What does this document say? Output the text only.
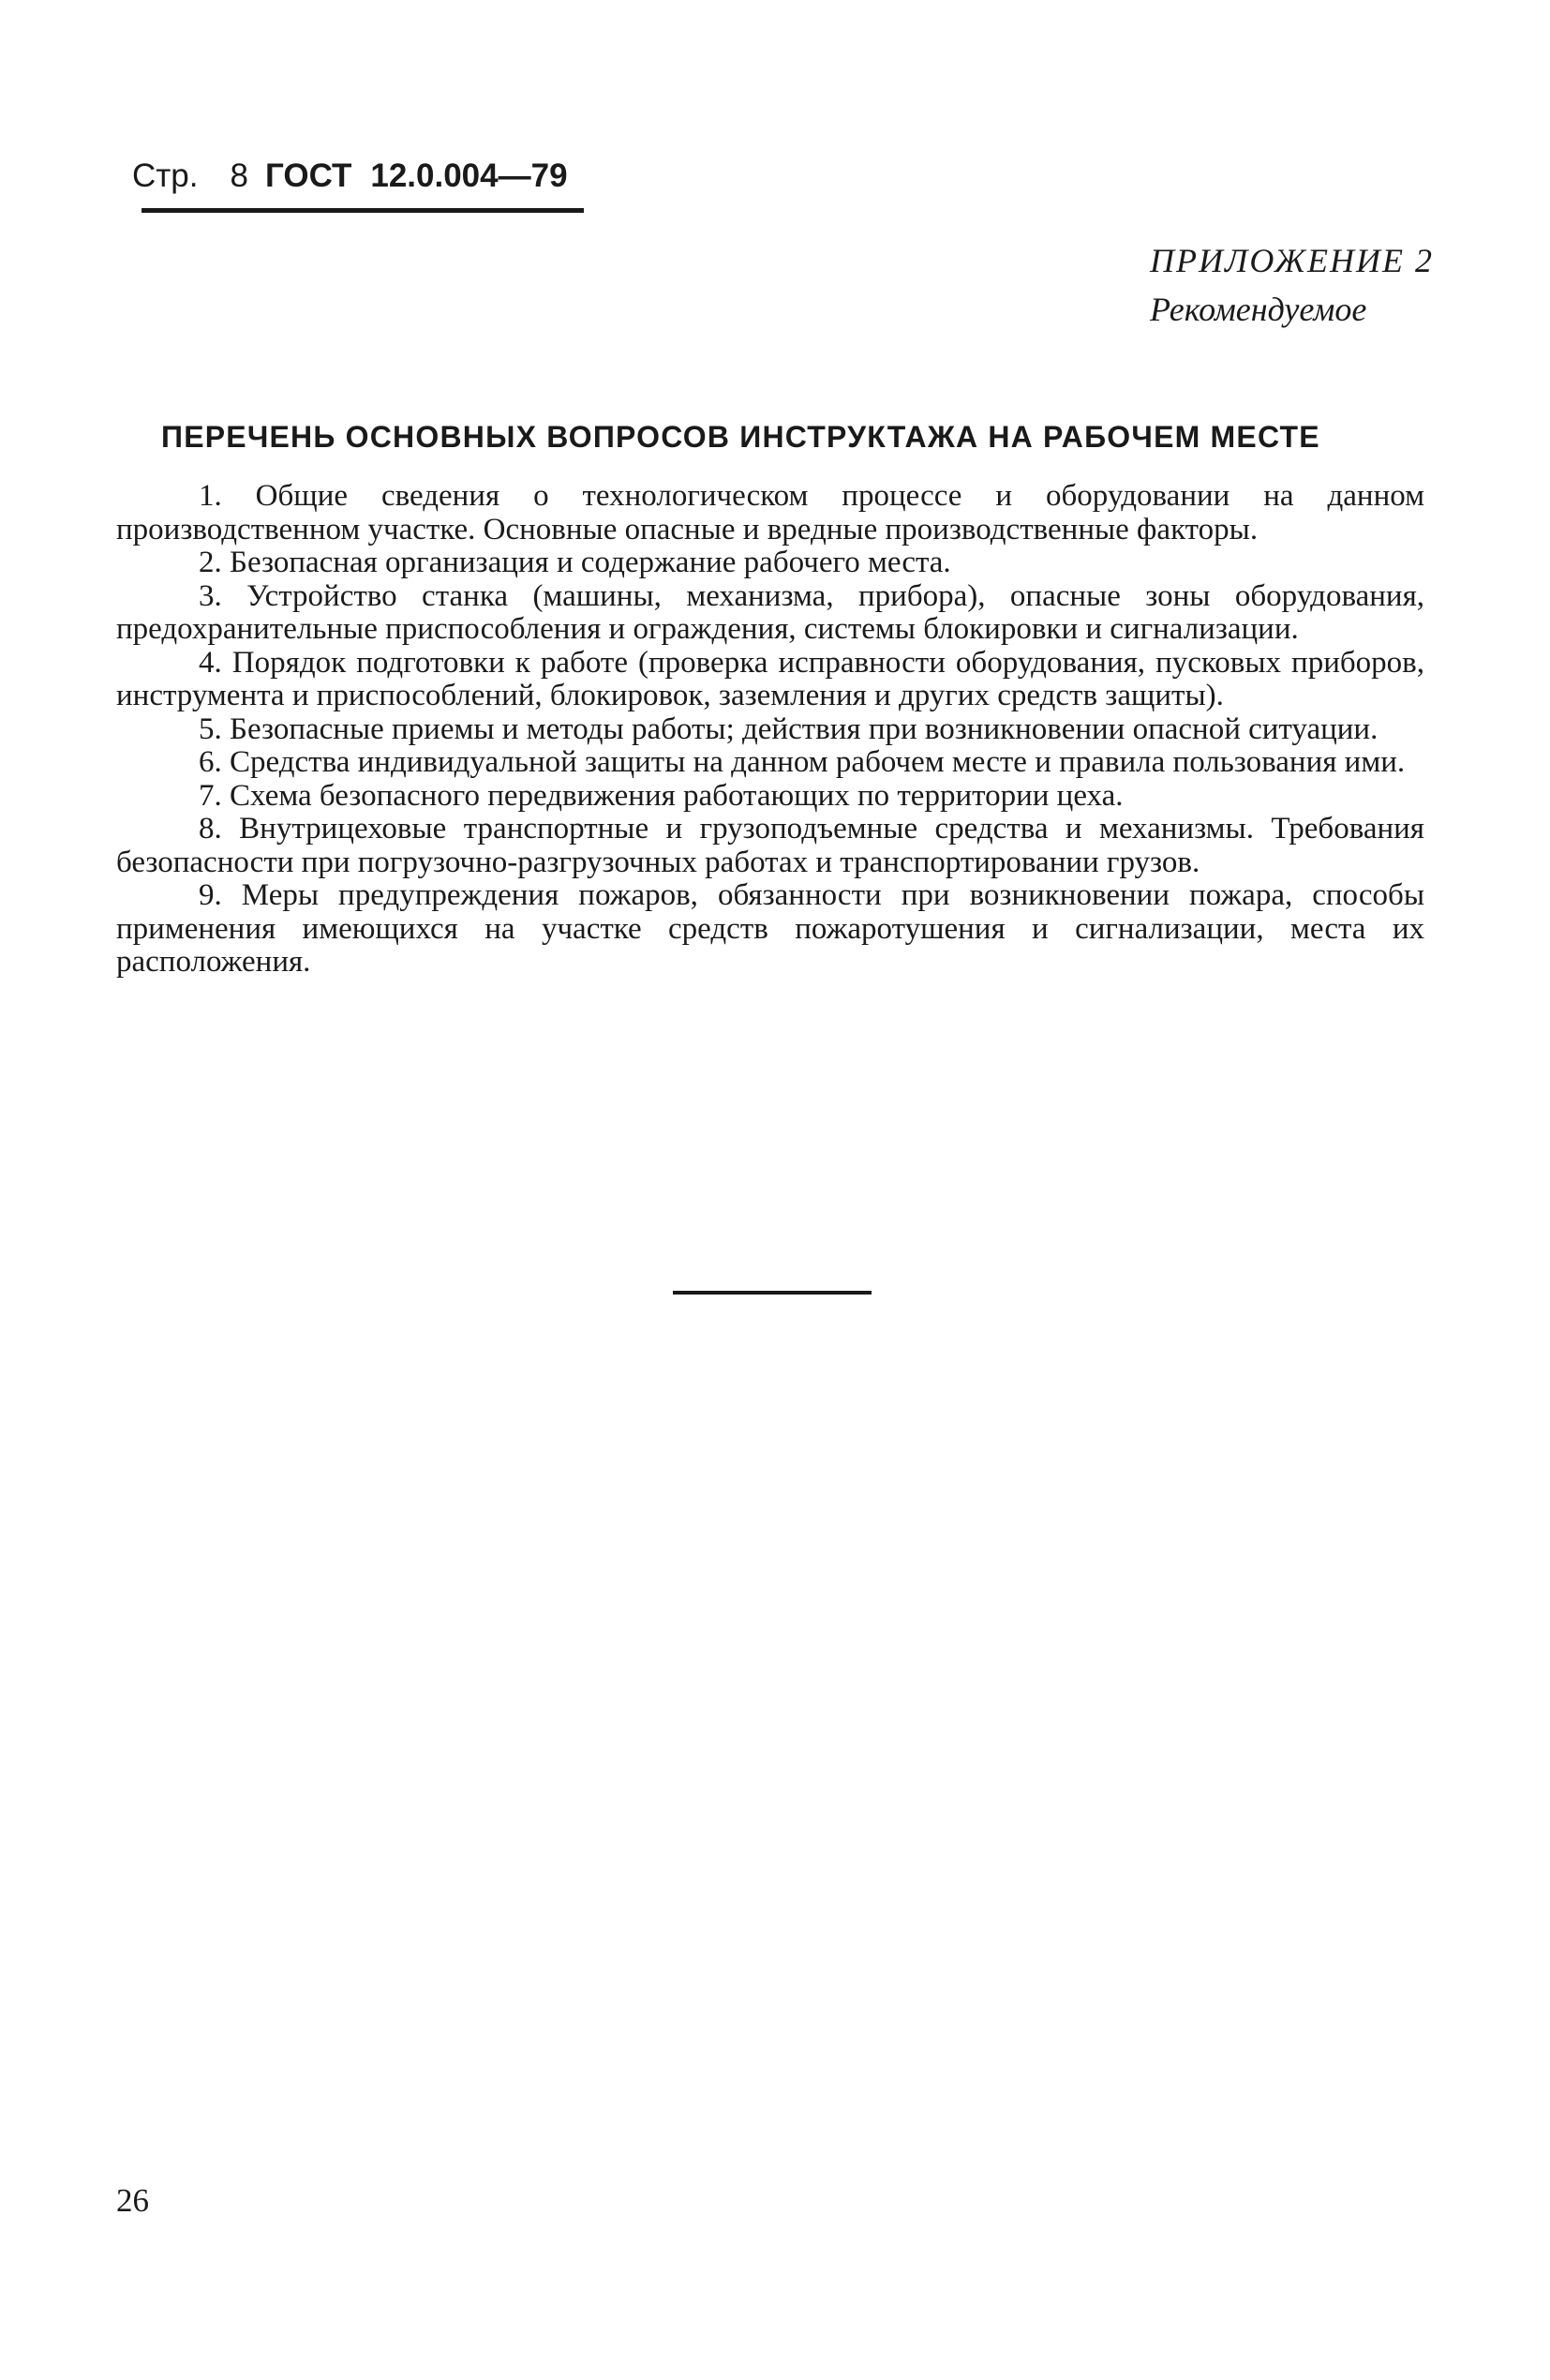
Стр. 8 ГОСТ 12.0.004—79
ПРИЛОЖЕНИЕ 2
Рекомендуемое
ПЕРЕЧЕНЬ ОСНОВНЫХ ВОПРОСОВ ИНСТРУКТАЖА НА РАБОЧЕМ МЕСТЕ

1. Общие сведения о технологическом процессе и оборудовании на данном производственном участке. Основные опасные и вредные производственные факторы.

2. Безопасная организация и содержание рабочего места.

3. Устройство станка (машины, механизма, прибора), опасные зоны оборудования, предохранительные приспособления и ограждения, системы блокировки и сигнализации.

4. Порядок подготовки к работе (проверка исправности оборудования, пусковых приборов, инструмента и приспособлений, блокировок, заземления и других средств защиты).

5. Безопасные приемы и методы работы; действия при возникновении опасной ситуации.

6. Средства индивидуальной защиты на данном рабочем месте и правила пользования ими.

7. Схема безопасного передвижения работающих по территории цеха.

8. Внутрицеховые транспортные и грузоподъемные средства и механизмы. Требования безопасности при погрузочно-разгрузочных работах и транспортировании грузов.

9. Меры предупреждения пожаров, обязанности при возникновении пожара, способы применения имеющихся на участке средств пожаротушения и сигнализации, места их расположения.

26
